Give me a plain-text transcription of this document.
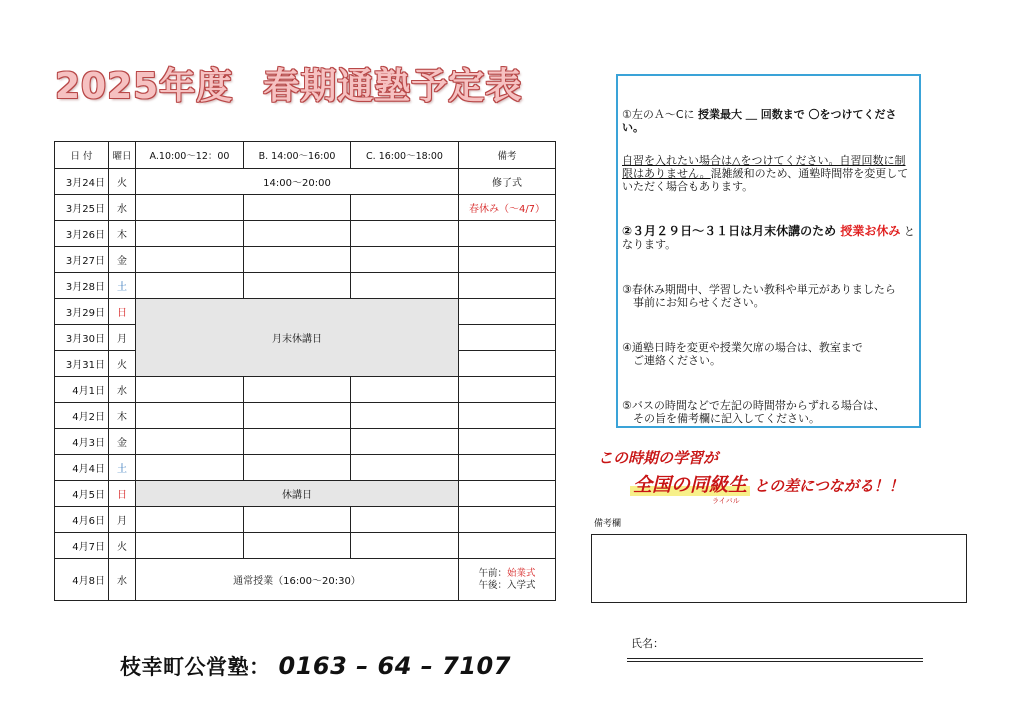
2025年度 春期通塾予定表
日 付	曜日	A.10:00～12：00	B. 14:00～16:00	C. 16:00～18:00	備考
3月24日	火	14:00～20:00			修了式
3月25日	水				春休み（～4/7）
3月26日	木				
3月27日	金				
3月28日	土				
3月29日	日	月末休講日			
3月30日	月				
3月31日	火				
4月1日	水				
4月2日	木				
4月3日	金				
4月4日	土				
4月5日	日	休講日			
4月6日	月				
4月7日	火				
4月8日	水	通常授業（16:00～20:30）			午前：始業式
午後：入学式

①左のＡ～Cに 授業最大 ＿ 回数まで 〇をつけてください。

自習を入れたい場合は△をつけてください。自習回数に制限はありません。混雑緩和のため、通塾時間帯を変更していただく場合もあります。

②３月２９日～３１日は月末休講のため 授業お休み となります。

③春休み期間中、学習したい教科や単元がありましたら
事前にお知らせください。

④通塾日時を変更や授業欠席の場合は、教室まで
ご連絡ください。

⑤バスの時間などで左記の時間帯からずれる場合は、
その旨を備考欄に記入してください。

この時期の学習が
全国の同級生
ライバル
との差につながる！！
備考欄
氏名：
枝幸町公営塾： 0163 – 64 – 7107
